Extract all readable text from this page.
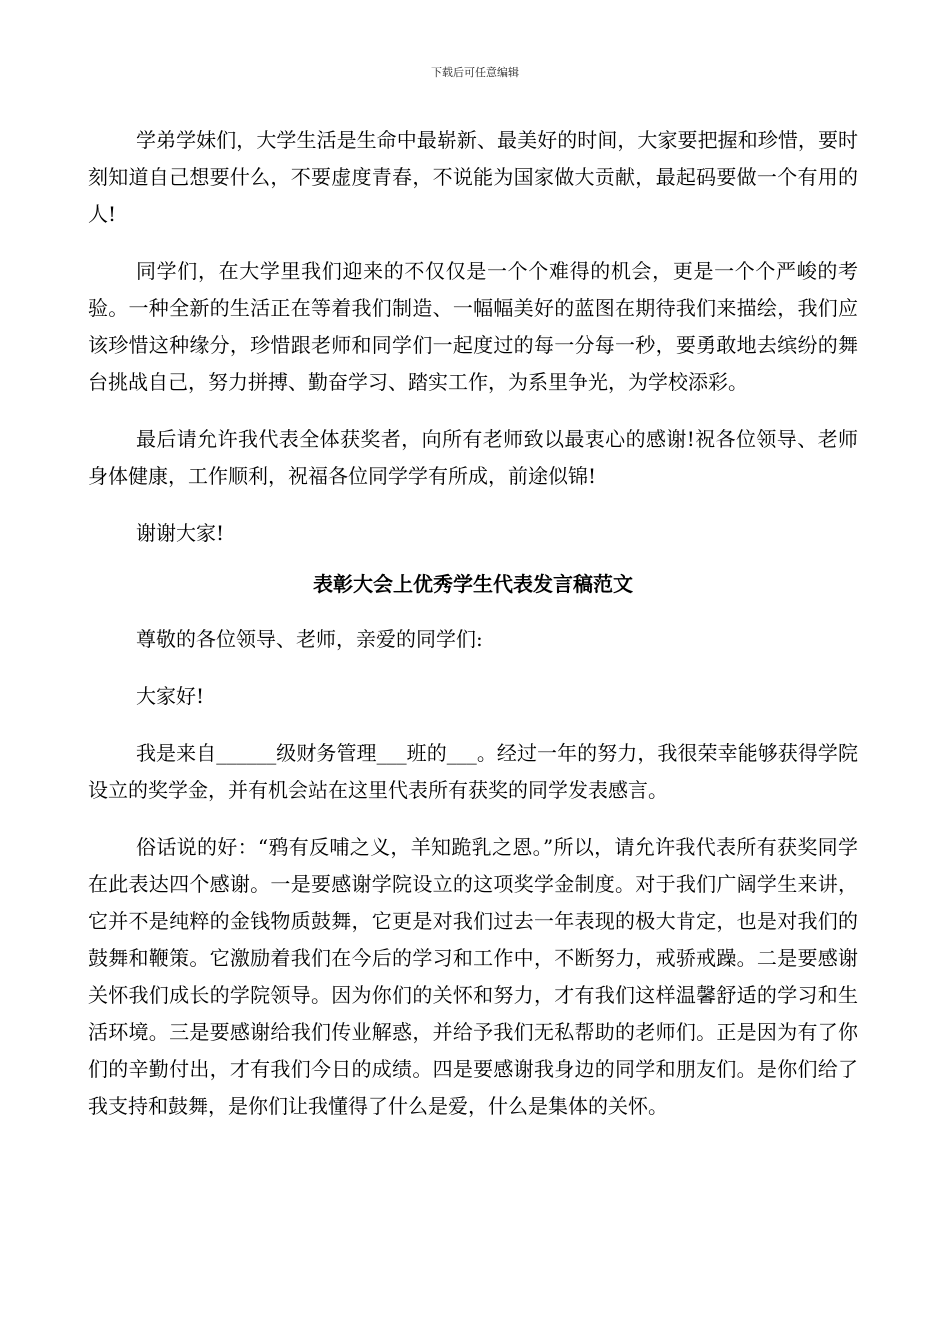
下载后可任意编辑

学弟学妹们，大学生活是生命中最崭新、最美好的时间，大家要把握和珍惜，要时刻知道自己想要什么，不要虚度青春，不说能为国家做大贡献，最起码要做一个有用的人!

同学们，在大学里我们迎来的不仅仅是一个个难得的机会，更是一个个严峻的考验。一种全新的生活正在等着我们制造、一幅幅美好的蓝图在期待我们来描绘，我们应该珍惜这种缘分，珍惜跟老师和同学们一起度过的每一分每一秒，要勇敢地去缤纷的舞台挑战自己，努力拼搏、勤奋学习、踏实工作，为系里争光，为学校添彩。

最后请允许我代表全体获奖者，向所有老师致以最衷心的感谢!祝各位领导、老师身体健康，工作顺利，祝福各位同学学有所成，前途似锦!

谢谢大家!

表彰大会上优秀学生代表发言稿范文

尊敬的各位领导、老师，亲爱的同学们:

大家好!

我是来自______级财务管理___班的___。经过一年的努力，我很荣幸能够获得学院设立的奖学金，并有机会站在这里代表所有获奖的同学发表感言。

俗话说的好：“鸦有反哺之义，羊知跪乳之恩。”所以，请允许我代表所有获奖同学在此表达四个感谢。一是要感谢学院设立的这项奖学金制度。对于我们广阔学生来讲，它并不是纯粹的金钱物质鼓舞，它更是对我们过去一年表现的极大肯定，也是对我们的鼓舞和鞭策。它激励着我们在今后的学习和工作中，不断努力，戒骄戒躁。二是要感谢关怀我们成长的学院领导。因为你们的关怀和努力，才有我们这样温馨舒适的学习和生活环境。三是要感谢给我们传业解惑，并给予我们无私帮助的老师们。正是因为有了你们的辛勤付出，才有我们今日的成绩。四是要感谢我身边的同学和朋友们。是你们给了我支持和鼓舞，是你们让我懂得了什么是爱，什么是集体的关怀。
